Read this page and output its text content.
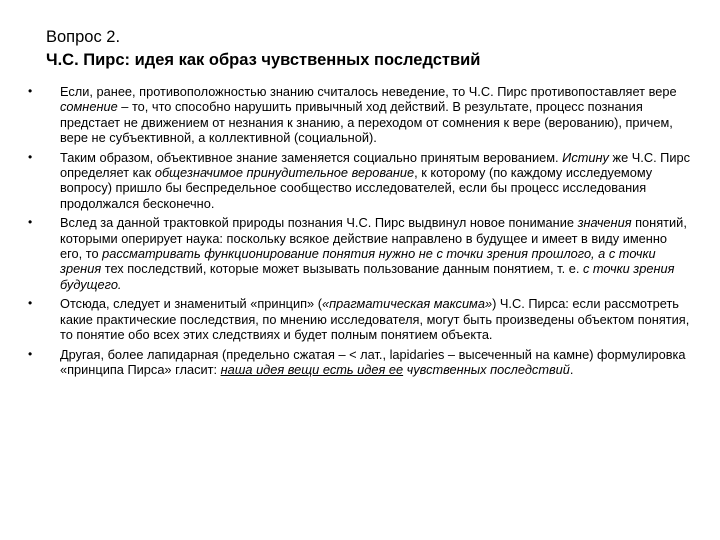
Вопрос 2.
Ч.С. Пирс: идея как образ чувственных последствий
• Если, ранее, противоположностью знанию считалось неведение, то Ч.С. Пирс противопоставляет вере сомнение – то, что способно нарушить привычный ход действий. В результате, процесс познания предстает не движением от незнания к знанию, а переходом от сомнения к вере (верованию), причем, вере не субъективной, а коллективной (социальной).
• Таким образом, объективное знание заменяется социально принятым верованием. Истину же Ч.С. Пирс определяет как общезначимое принудительное верование, к которому (по каждому исследуемому вопросу) пришло бы беспредельное сообщество исследователей, если бы процесс исследования продолжался бесконечно.
• Вслед за данной трактовкой природы познания Ч.С. Пирс выдвинул новое понимание значения понятий, которыми оперирует наука: поскольку всякое действие направлено в будущее и имеет в виду именно его, то рассматривать функционирование понятия нужно не с точки зрения прошлого, а с точки зрения тех последствий, которые может вызывать пользование данным понятием, т. е. с точки зрения будущего.
• Отсюда, следует и знаменитый «принцип» («прагматическая максима») Ч.С. Пирса: если рассмотреть какие практические последствия, по мнению исследователя, могут быть произведены объектом понятия, то понятие обо всех этих следствиях и будет полным понятием объекта.
• Другая, более лапидарная (предельно сжатая – < лат., lapidaries – высеченный на камне) формулировка «принципа Пирса» гласит: наша идея вещи есть идея ее чувственных последствий.
